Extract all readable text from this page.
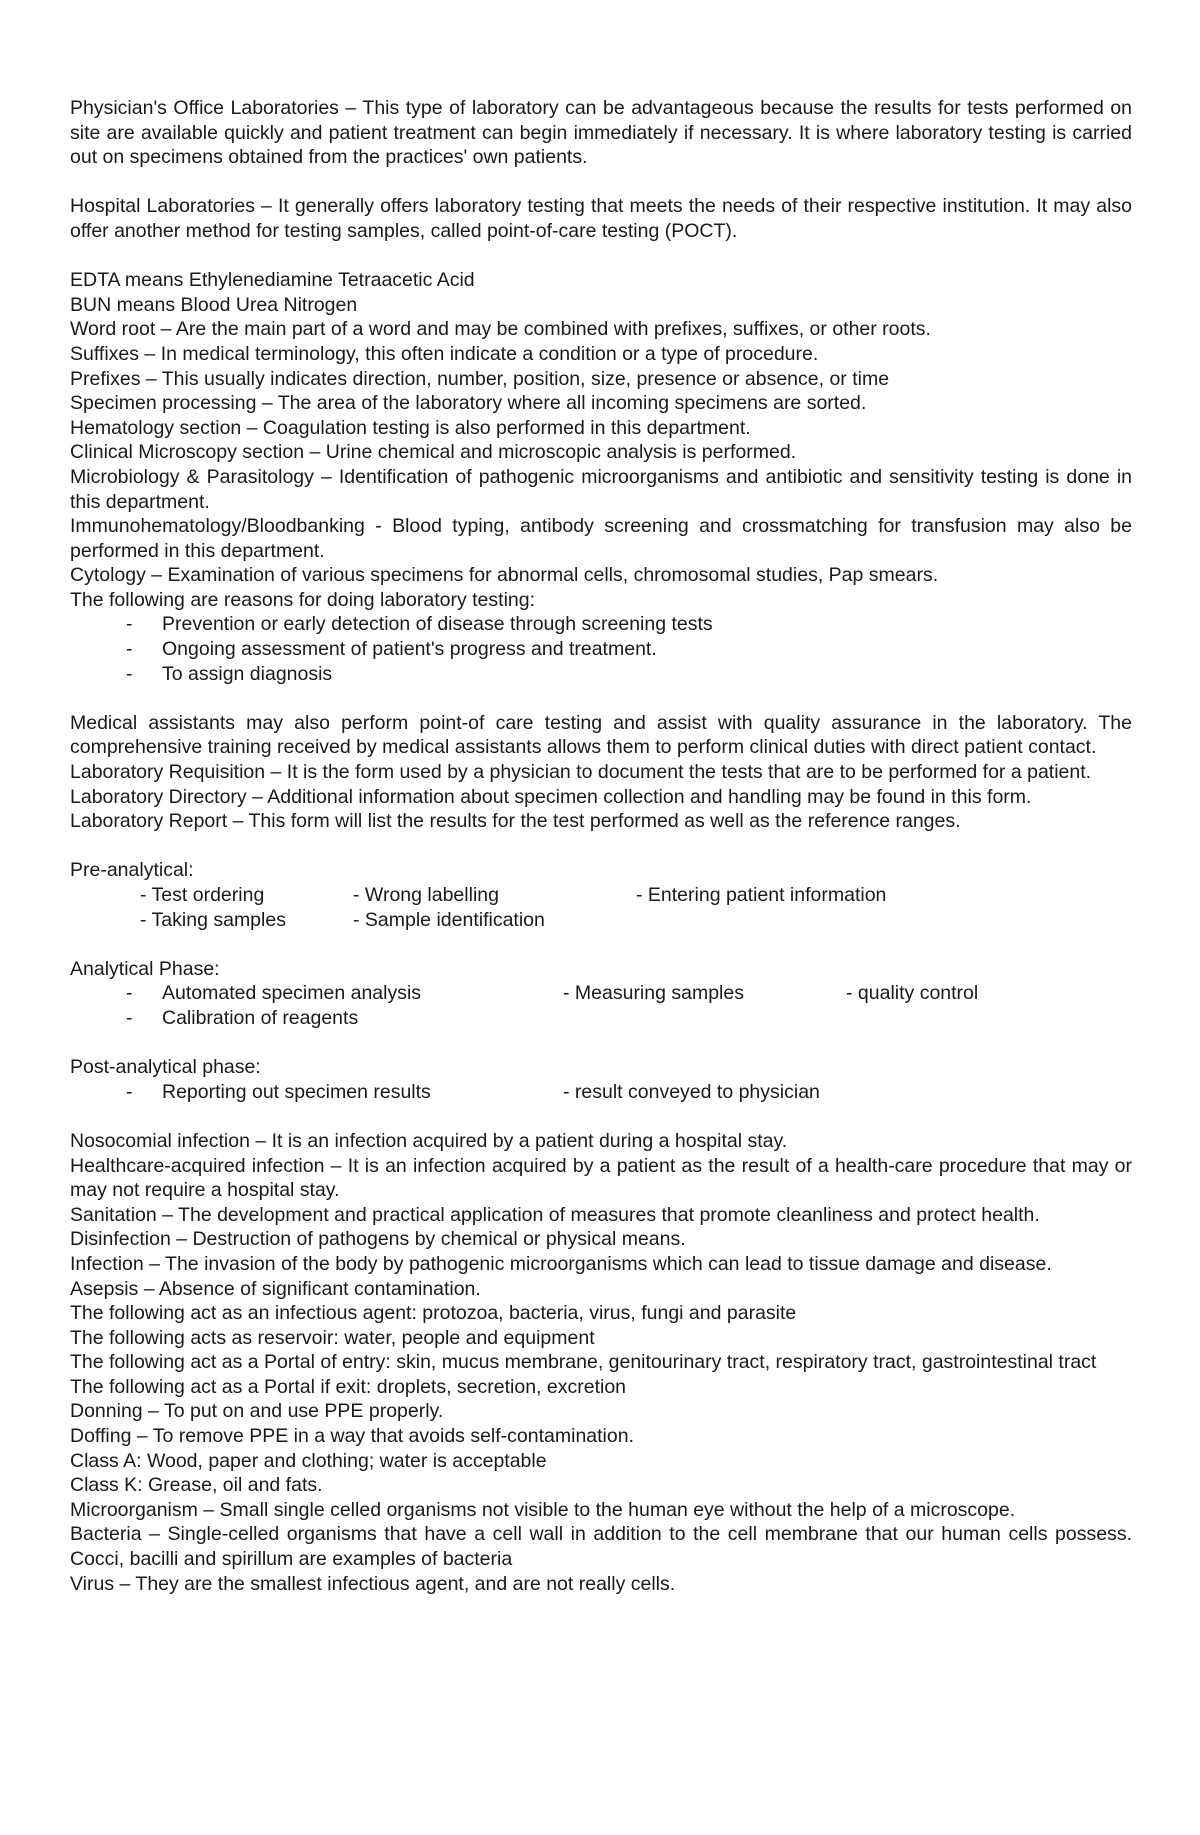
Physician's Office Laboratories – This type of laboratory can be advantageous because the results for tests performed on site are available quickly and patient treatment can begin immediately if necessary. It is where laboratory testing is carried out on specimens obtained from the practices' own patients.

Hospital Laboratories – It generally offers laboratory testing that meets the needs of their respective institution. It may also offer another method for testing samples, called point-of-care testing (POCT).

EDTA means Ethylenediamine Tetraacetic Acid

BUN means Blood Urea Nitrogen

Word root – Are the main part of a word and may be combined with prefixes, suffixes, or other roots.

Suffixes – In medical terminology, this often indicate a condition or a type of procedure.

Prefixes – This usually indicates direction, number, position, size, presence or absence, or time

Specimen processing – The area of the laboratory where all incoming specimens are sorted.

Hematology section – Coagulation testing is also performed in this department.

Clinical Microscopy section – Urine chemical and microscopic analysis is performed.

Microbiology & Parasitology – Identification of pathogenic microorganisms and antibiotic and sensitivity testing is done in this department.

Immunohematology/Bloodbanking - Blood typing, antibody screening and crossmatching for transfusion may also be performed in this department.

Cytology – Examination of various specimens for abnormal cells, chromosomal studies, Pap smears.

The following are reasons for doing laboratory testing:

- Prevention or early detection of disease through screening tests
- Ongoing assessment of patient's progress and treatment.
- To assign diagnosis

Medical assistants may also perform point-of care testing and assist with quality assurance in the laboratory. The comprehensive training received by medical assistants allows them to perform clinical duties with direct patient contact.

Laboratory Requisition – It is the form used by a physician to document the tests that are to be performed for a patient.

Laboratory Directory – Additional information about specimen collection and handling may be found in this form.

Laboratory Report – This form will list the results for the test performed as well as the reference ranges.

Pre-analytical:

- Test ordering	- Wrong labelling	- Entering patient information
- Taking samples	- Sample identification

Analytical Phase:

- Automated specimen analysis	- Measuring samples	- quality control
- Calibration of reagents

Post-analytical phase:

- Reporting out specimen results	- result conveyed to physician

Nosocomial infection – It is an infection acquired by a patient during a hospital stay.

Healthcare-acquired infection – It is an infection acquired by a patient as the result of a health-care procedure that may or may not require a hospital stay.

Sanitation – The development and practical application of measures that promote cleanliness and protect health.

Disinfection – Destruction of pathogens by chemical or physical means.

Infection – The invasion of the body by pathogenic microorganisms which can lead to tissue damage and disease.

Asepsis – Absence of significant contamination.

The following act as an infectious agent: protozoa, bacteria, virus, fungi and parasite

The following acts as reservoir: water, people and equipment

The following act as a Portal of entry: skin, mucus membrane, genitourinary tract, respiratory tract, gastrointestinal tract

The following act as a Portal if exit: droplets, secretion, excretion

Donning – To put on and use PPE properly.

Doffing – To remove PPE in a way that avoids self-contamination.

Class A: Wood, paper and clothing; water is acceptable

Class K: Grease, oil and fats.

Microorganism – Small single celled organisms not visible to the human eye without the help of a microscope.

Bacteria – Single-celled organisms that have a cell wall in addition to the cell membrane that our human cells possess. Cocci, bacilli and spirillum are examples of bacteria

Virus – They are the smallest infectious agent, and are not really cells.
